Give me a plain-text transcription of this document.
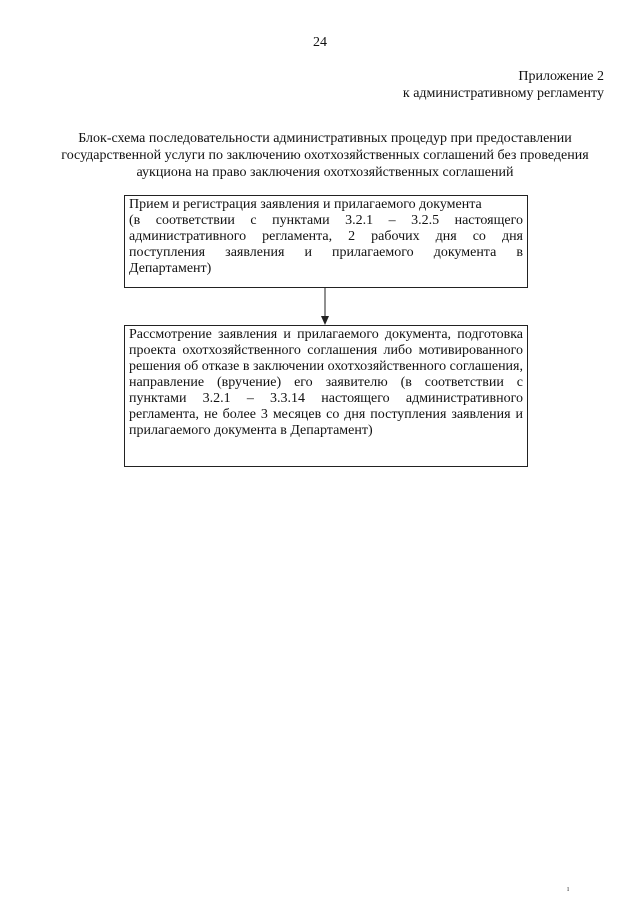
24
Приложение 2
к административному регламенту
Блок-схема последовательности административных процедур при предоставлении государственной услуги по заключению охотхозяйственных соглашений без проведения аукциона на право заключения охотхозяйственных соглашений

Прием и регистрация заявления и прилагаемого документа

(в соответствии с пунктами 3.2.1 – 3.2.5 настоящего административного регламента, 2 рабочих дня со дня поступления заявления и прилагаемого документа в Департамент)

Рассмотрение заявления и прилагаемого документа, подготовка проекта охотхозяйственного соглашения либо мотивированного решения об отказе в заключении охотхозяйственного соглашения, направление (вручение) его заявителю (в соответствии с пунктами 3.2.1 – 3.3.14 настоящего административного регламента, не более 3 месяцев со дня поступления заявления и прилагаемого документа в Департамент)

ı
